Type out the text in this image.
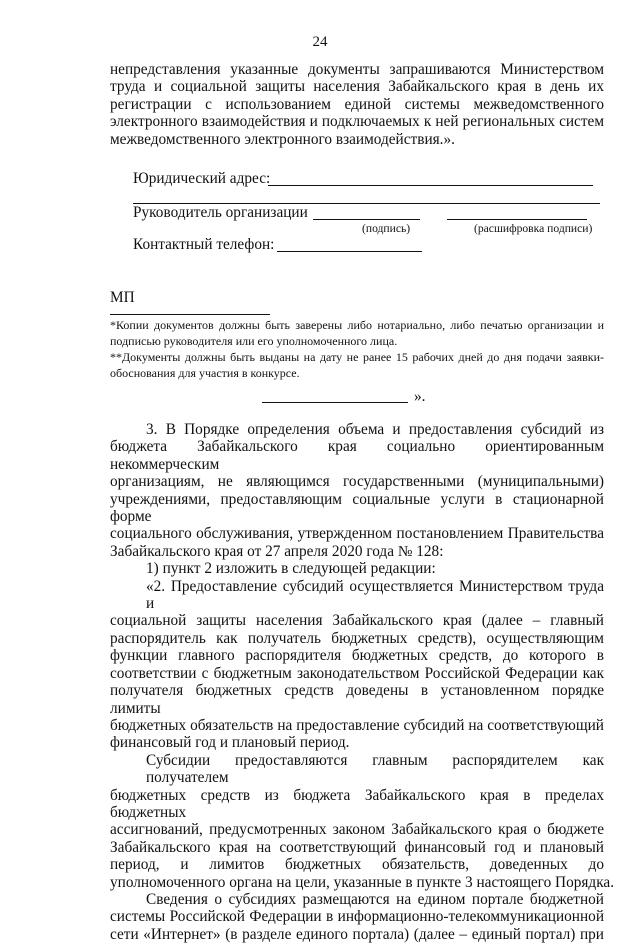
24
непредставления указанные документы запрашиваются Министерством
труда и социальной защиты населения Забайкальского края в день их
регистрации с использованием единой системы межведомственного
электронного взаимодействия и подключаемых к ней региональных систем
межведомственного электронного взаимодействия.».
Юридический адрес:
Руководитель организации
(подпись)	(расшифровка подписи)
Контактный телефон:
МП
*Копии документов должны быть заверены либо нотариально, либо печатью организации и подписью руководителя или его уполномоченного лица.
**Документы должны быть выданы на дату не ранее 15 рабочих дней до дня подачи заявки-обоснования для участия в конкурсе.
».
3. В Порядке определения объема и предоставления субсидий из
бюджета Забайкальского края социально ориентированным некоммерческим
организациям, не являющимся государственными (муниципальными)
учреждениями, предоставляющим социальные услуги в стационарной форме
социального обслуживания, утвержденном постановлением Правительства
Забайкальского края от 27 апреля 2020 года № 128:
1) пункт 2 изложить в следующей редакции:
«2. Предоставление субсидий осуществляется Министерством труда и
социальной защиты населения Забайкальского края (далее – главный
распорядитель как получатель бюджетных средств), осуществляющим
функции главного распорядителя бюджетных средств, до которого в
соответствии с бюджетным законодательством Российской Федерации как
получателя бюджетных средств доведены в установленном порядке лимиты
бюджетных обязательств на предоставление субсидий на соответствующий
финансовый год и плановый период.
Субсидии предоставляются главным распорядителем как получателем
бюджетных средств из бюджета Забайкальского края в пределах бюджетных
ассигнований, предусмотренных законом Забайкальского края о бюджете
Забайкальского края на соответствующий финансовый год и плановый
период, и лимитов бюджетных обязательств, доведенных до
уполномоченного органа на цели, указанные в пункте 3 настоящего Порядка.
Сведения о субсидиях размещаются на едином портале бюджетной
системы Российской Федерации в информационно-телекоммуникационной
сети «Интернет» (в разделе единого портала) (далее – единый портал) при
